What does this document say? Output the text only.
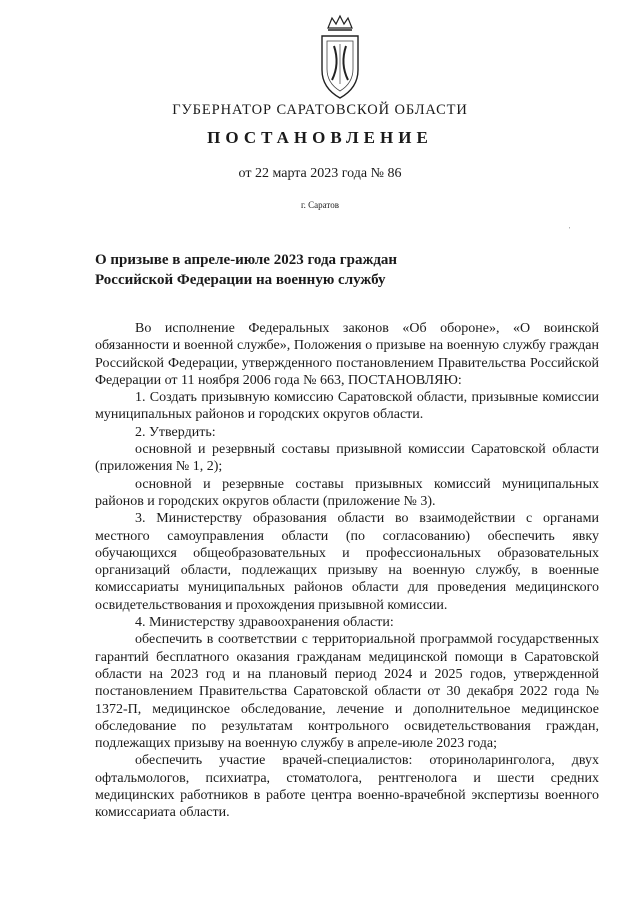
ГУБЕРНАТОР САРАТОВСКОЙ ОБЛАСТИ
ПОСТАНОВЛЕНИЕ
от 22 марта 2023 года № 86
г. Саратов
'
О призыве в апреле-июле 2023 года граждан Российской Федерации на военную службу

Во исполнение Федеральных законов «Об обороне», «О воинской обязанности и военной службе», Положения о призыве на военную службу граждан Российской Федерации, утвержденного постановлением Правительства Российской Федерации от 11 ноября 2006 года № 663, ПОСТАНОВЛЯЮ:

1. Создать призывную комиссию Саратовской области, призывные комиссии муниципальных районов и городских округов области.

2. Утвердить:

основной и резервный составы призывной комиссии Саратовской области (приложения № 1, 2);

основной и резервные составы призывных комиссий муниципальных районов и городских округов области (приложение № 3).

3. Министерству образования области во взаимодействии с органами местного самоуправления области (по согласованию) обеспечить явку обучающихся общеобразовательных и профессиональных образовательных организаций области, подлежащих призыву на военную службу, в военные комиссариаты муниципальных районов области для проведения медицинского освидетельствования и прохождения призывной комиссии.

4. Министерству здравоохранения области:

обеспечить в соответствии с территориальной программой государственных гарантий бесплатного оказания гражданам медицинской помощи в Саратовской области на 2023 год и на плановый период 2024 и 2025 годов, утвержденной постановлением Правительства Саратовской области от 30 декабря 2022 года № 1372-П, медицинское обследование, лечение и дополнительное медицинское обследование по результатам контрольного освидетельствования граждан, подлежащих призыву на военную службу в апреле-июле 2023 года;

обеспечить участие врачей-специалистов: оториноларинголога, двух офтальмологов, психиатра, стоматолога, рентгенолога и шести средних медицинских работников в работе центра военно-врачебной экспертизы военного комиссариата области.
